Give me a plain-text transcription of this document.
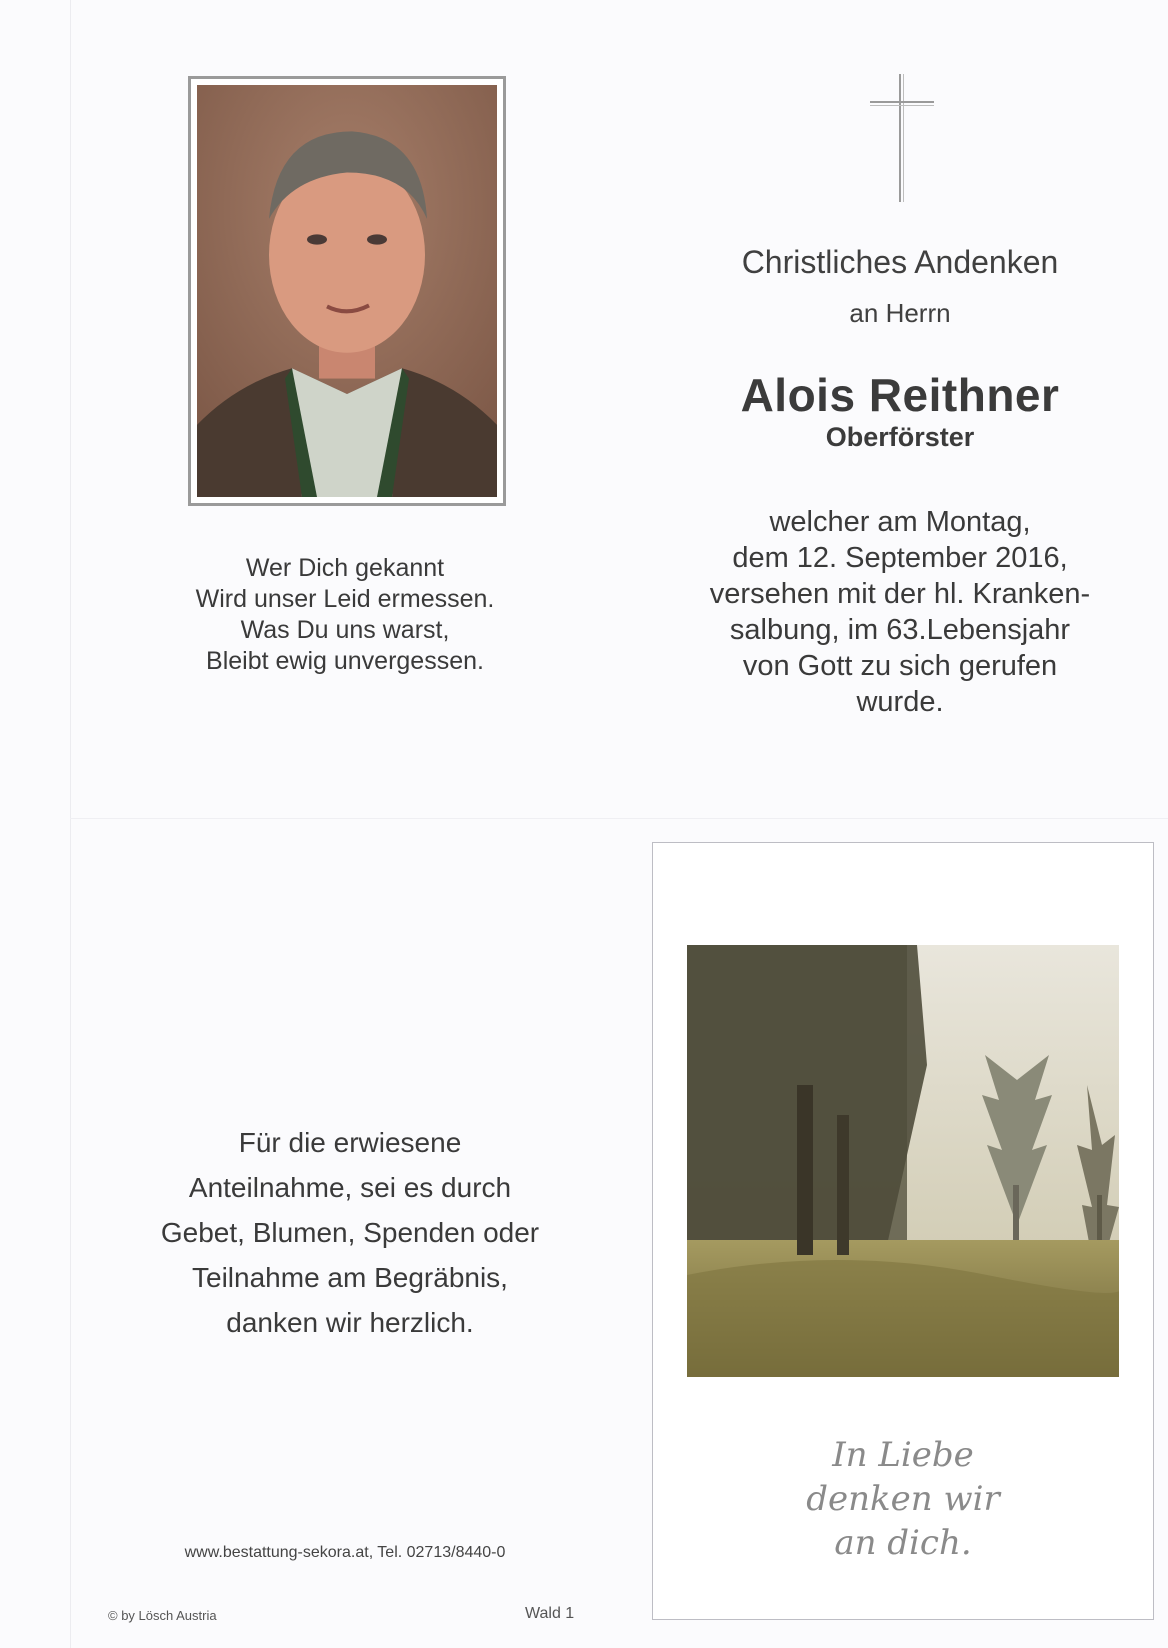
Wer Dich gekannt
Wird unser Leid ermessen.
Was Du uns warst,
Bleibt ewig unvergessen.
Christliches Andenken
an Herrn
Alois Reithner
Oberförster
welcher am Montag,
dem 12. September 2016,
versehen mit der hl. Kranken-
salbung, im 63.Lebensjahr
von Gott zu sich gerufen
wurde.
Für die erwiesene
Anteilnahme, sei es durch
Gebet, Blumen, Spenden oder
Teilnahme am Begräbnis,
danken wir herzlich.
www.bestattung-sekora.at, Tel. 02713/8440-0
© by Lösch Austria	Wald 1
In Liebe
denken wir
an dich.
